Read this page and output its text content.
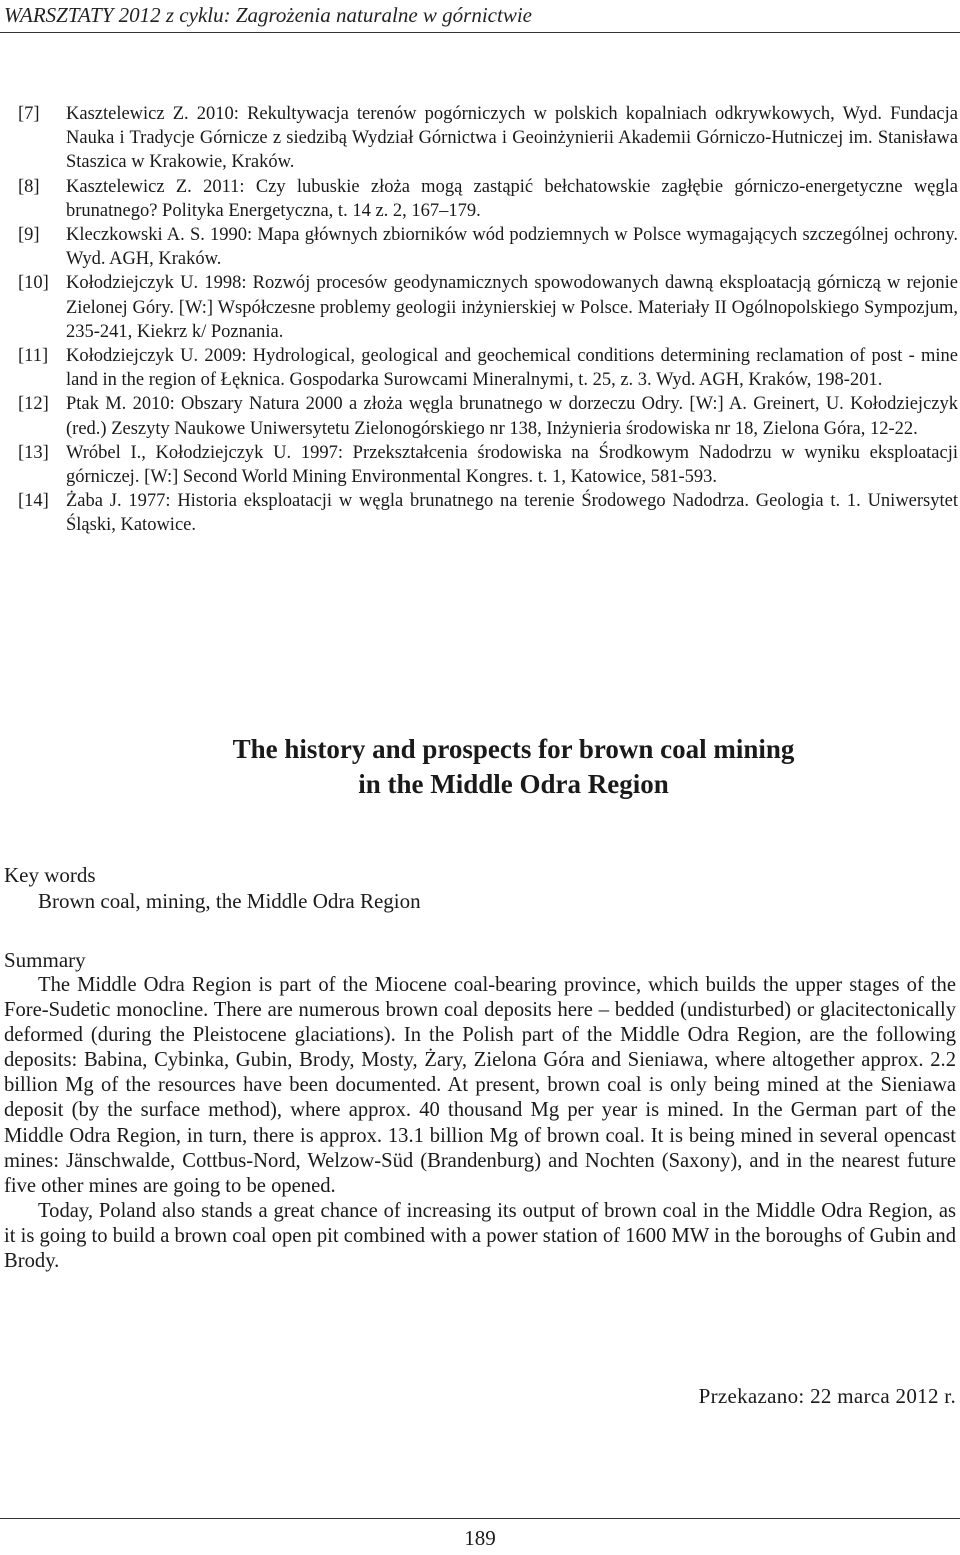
WARSZTATY 2012 z cyklu: Zagrożenia naturalne w górnictwie
[7]	Kasztelewicz Z. 2010: Rekultywacja terenów pogórniczych w polskich kopalniach odkrywkowych, Wyd. Fundacja Nauka i Tradycje Górnicze z siedzibą Wydział Górnictwa i Geoinżynierii Akademii Górniczo-Hutniczej im. Stanisława Staszica w Krakowie, Kraków.
[8]	Kasztelewicz Z. 2011: Czy lubuskie złoża mogą zastąpić bełchatowskie zagłębie górniczo-energetyczne węgla brunatnego? Polityka Energetyczna, t. 14 z. 2, 167–179.
[9]	Kleczkowski A. S. 1990: Mapa głównych zbiorników wód podziemnych w Polsce wymagających szczególnej ochrony. Wyd. AGH, Kraków.
[10] Kołodziejczyk U. 1998: Rozwój procesów geodynamicznych spowodowanych dawną eksploatacją górniczą w rejonie Zielonej Góry. [W:] Współczesne problemy geologii inżynierskiej w Polsce. Materiały II Ogólnopolskiego Sympozjum, 235-241, Kiekrz k/ Poznania.
[11] Kołodziejczyk U. 2009: Hydrological, geological and geochemical conditions determining reclamation of post - mine land in the region of Łęknica. Gospodarka Surowcami Mineralnymi, t. 25, z. 3. Wyd. AGH, Kraków, 198-201.
[12] Ptak M. 2010: Obszary Natura 2000 a złoża węgla brunatnego w dorzeczu Odry. [W:] A. Greinert, U. Kołodziejczyk (red.) Zeszyty Naukowe Uniwersytetu Zielonogórskiego nr 138, Inżynieria środowiska nr 18, Zielona Góra, 12-22.
[13] Wróbel I., Kołodziejczyk U. 1997: Przekształcenia środowiska na Środkowym Nadodrzu w wyniku eksploatacji górniczej. [W:] Second World Mining Environmental Kongres. t. 1, Katowice, 581-593.
[14] Żaba J. 1977: Historia eksploatacji w węgla brunatnego na terenie Środowego Nadodrza. Geologia t. 1. Uniwersytet Śląski, Katowice.
The history and prospects for brown coal mining
in the Middle Odra Region
Key words
Brown coal, mining, the Middle Odra Region
Summary

The Middle Odra Region is part of the Miocene coal-bearing province, which builds the upper stages of the Fore-Sudetic monocline. There are numerous brown coal deposits here – bedded (undisturbed) or glacitectonically deformed (during the Pleistocene glaciations). In the Polish part of the Middle Odra Region, are the following deposits: Babina, Cybinka, Gubin, Brody, Mosty, Żary, Zielona Góra and Sieniawa, where altogether approx. 2.2 billion Mg of the resources have been documented. At present, brown coal is only being mined at the Sieniawa deposit (by the surface method), where approx. 40 thousand Mg per year is mined. In the German part of the Middle Odra Region, in turn, there is approx. 13.1 billion Mg of brown coal. It is being mined in several opencast mines: Jänschwalde, Cottbus-Nord, Welzow-Süd (Brandenburg) and Nochten (Saxony), and in the nearest future five other mines are going to be opened.

Today, Poland also stands a great chance of increasing its output of brown coal in the Middle Odra Region, as it is going to build a brown coal open pit combined with a power station of 1600 MW in the boroughs of Gubin and Brody.

Przekazano: 22 marca 2012 r.
189
